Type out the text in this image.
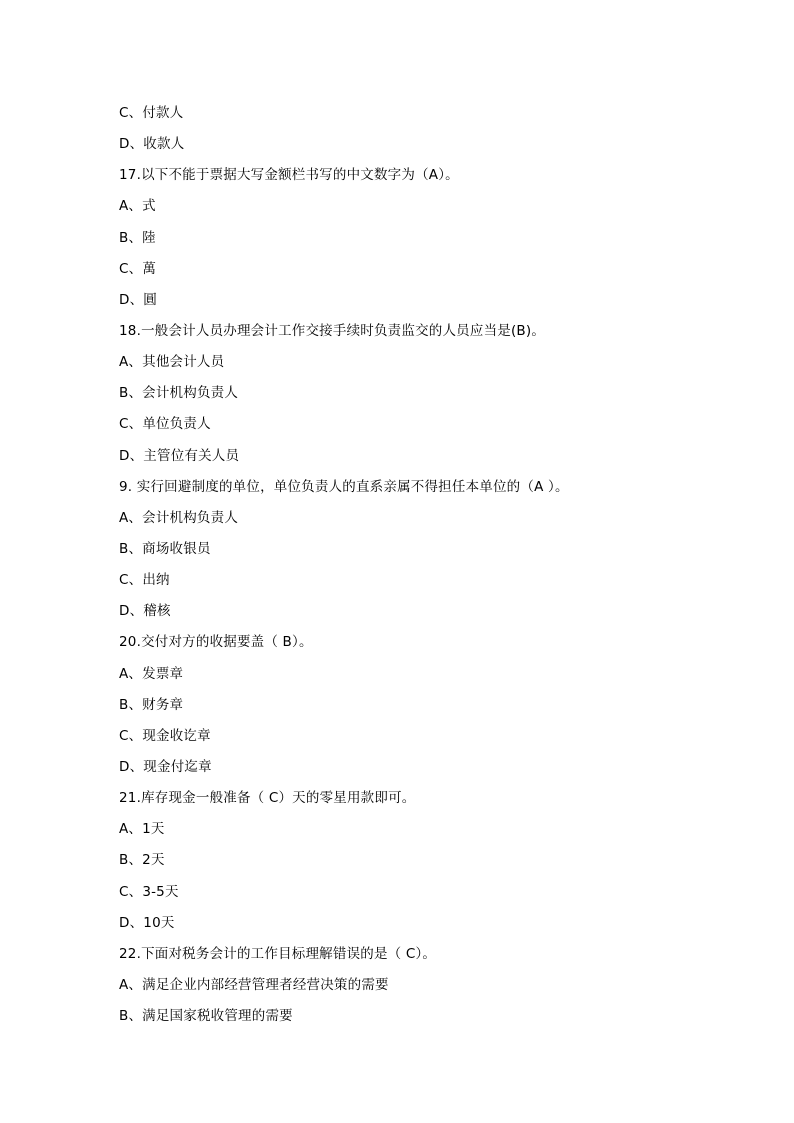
C、付款人
D、收款人
17.以下不能于票据大写金额栏书写的中文数字为（A）。
A、式
B、陸
C、萬
D、圓
18.一般会计人员办理会计工作交接手续时负责监交的人员应当是(B)。
A、其他会计人员
B、会计机构负责人
C、单位负责人
D、主管位有关人员
9. 实行回避制度的单位，单位负责人的直系亲属不得担任本单位的（A ）。
A、会计机构负责人
B、商场收银员
C、出纳
D、稽核
20.交付对方的收据要盖（ B）。
A、发票章
B、财务章
C、现金收讫章
D、现金付迄章
21.库存现金一般准备（ C）天的零星用款即可。
A、1天
B、2天
C、3-5天
D、10天
22.下面对税务会计的工作目标理解错误的是（ C）。
A、满足企业内部经营管理者经营决策的需要
B、满足国家税收管理的需要
